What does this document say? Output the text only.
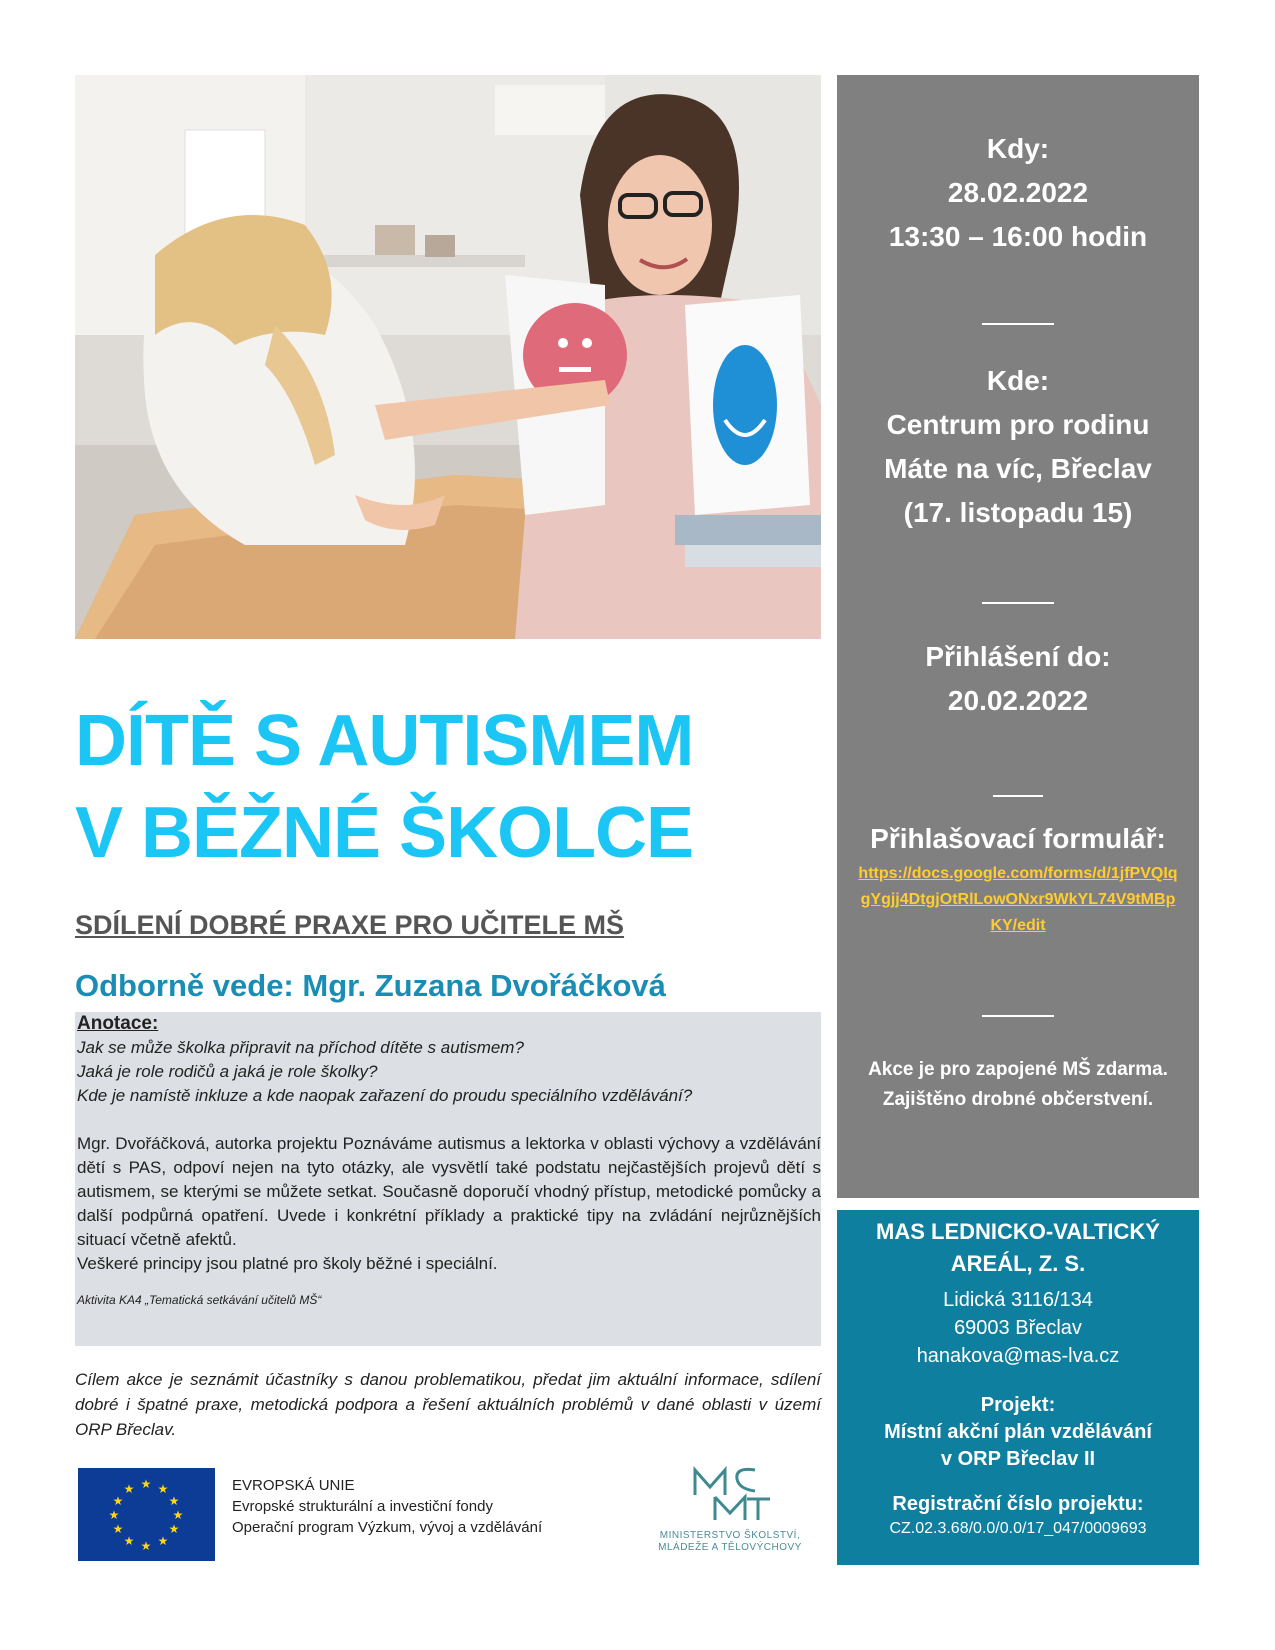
Kdy:
28.02.2022
13:30 – 16:00 hodin
Kde:
Centrum pro rodinu
Máte na víc, Břeclav
(17. listopadu 15)
Přihlášení do:
20.02.2022
Přihlašovací formulář:
https://docs.google.com/forms/d/1jfPVQIqgYgjj4DtgjOtRlLowONxr9WkYL74V9tMBpKY/edit
Akce je pro zapojené MŠ zdarma.
Zajištěno drobné občerstvení.
MAS LEDNICKO-VALTICKÝ
AREÁL, Z. S.
Lidická 3116/134
69003 Břeclav
hanakova@mas-lva.cz
Projekt:
Místní akční plán vzdělávání
v ORP Břeclav II
Registrační číslo projektu:
CZ.02.3.68/0.0/0.0/17_047/0009693
DÍTĚ S AUTISMEM
V BĚŽNÉ ŠKOLCE
SDÍLENÍ DOBRÉ PRAXE PRO UČITELE MŠ
Odborně vede: Mgr. Zuzana Dvořáčková
Anotace:
Jak se může školka připravit na příchod dítěte s autismem?
Jaká je role rodičů a jaká je role školky?
Kde je namístě inkluze a kde naopak zařazení do proudu speciálního vzdělávání?
Mgr. Dvořáčková, autorka projektu Poznáváme autismus a lektorka v oblasti výchovy a vzdělávání dětí s PAS, odpoví nejen na tyto otázky, ale vysvětlí také podstatu nejčastějších projevů dětí s autismem, se kterými se můžete setkat. Současně doporučí vhodný přístup, metodické pomůcky a další podpůrná opatření. Uvede i konkrétní příklady a praktické tipy na zvládání nejrůznějších situací včetně afektů.
Veškeré principy jsou platné pro školy běžné i speciální.
Aktivita KA4 „Tematická setkávání učitelů MŠ“
Cílem akce je seznámit účastníky s danou problematikou, předat jim aktuální informace, sdílení dobré i špatné praxe, metodická podpora a řešení aktuálních problémů v dané oblasti v území ORP Břeclav.
★ ★
★
★
★
★
★
★
★
★
★
★	EVROPSKÁ UNIE
Evropské strukturální a investiční fondy
Operační program Výzkum, vývoj a vzdělávání	MINISTERSTVO ŠKOLSTVÍ,
MLÁDEŽE A TĚLOVÝCHOVY
